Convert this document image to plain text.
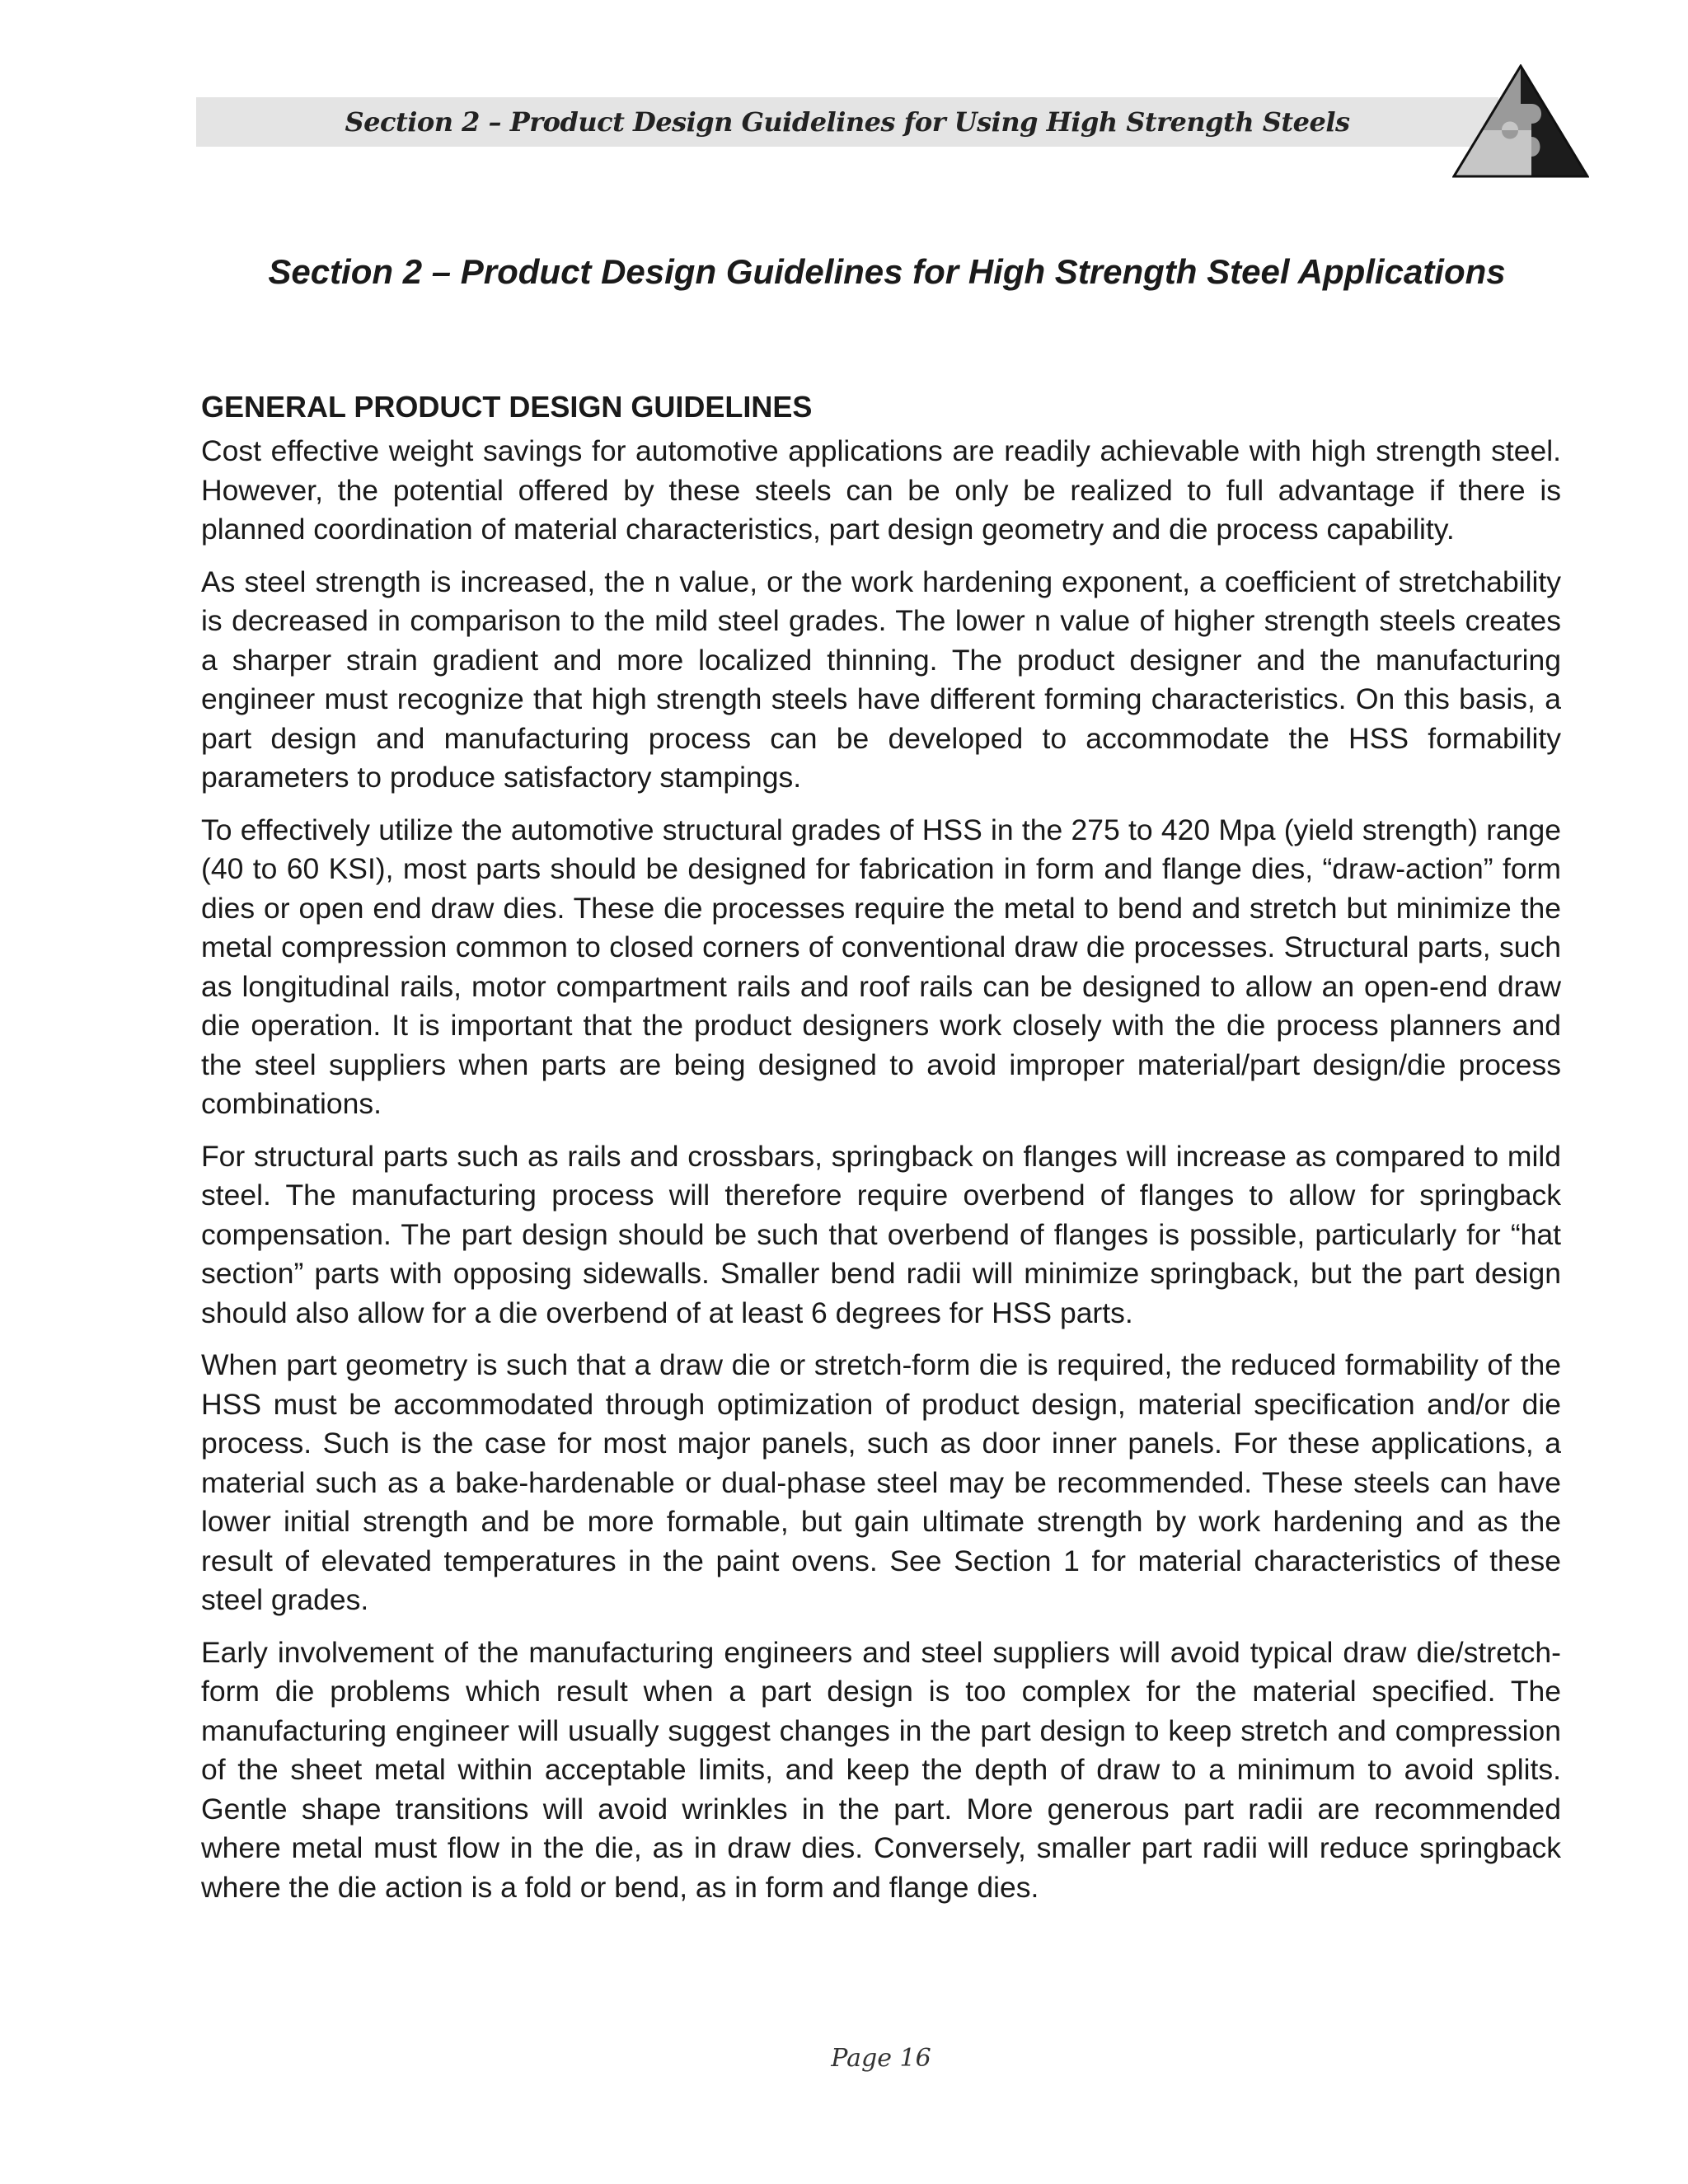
Section 2 – Product Design Guidelines for Using High Strength Steels
Section 2 – Product Design Guidelines for High Strength Steel Applications
GENERAL PRODUCT DESIGN GUIDELINES

Cost effective weight savings for automotive applications are readily achievable with high strength steel. However, the potential offered by these steels can be only be realized to full advantage if there is planned coordination of material characteristics, part design geometry and die process capability.

As steel strength is increased, the n value, or the work hardening exponent, a coefficient of stretchability is decreased in comparison to the mild steel grades. The lower n value of higher strength steels creates a sharper strain gradient and more localized thinning. The product designer and the manufacturing engineer must recognize that high strength steels have different forming characteristics. On this basis, a part design and manufacturing process can be developed to accommodate the HSS formability parameters to produce satisfactory stampings.

To effectively utilize the automotive structural grades of HSS in the 275 to 420 Mpa (yield strength) range (40 to 60 KSI), most parts should be designed for fabrication in form and flange dies, “draw-action” form dies or open end draw dies. These die processes require the metal to bend and stretch but minimize the metal compression common to closed corners of conventional draw die processes. Structural parts, such as longitudinal rails, motor compartment rails and roof rails can be designed to allow an open-end draw die operation. It is important that the product designers work closely with the die process planners and the steel suppliers when parts are being designed to avoid improper material/part design/die process combinations.

For structural parts such as rails and crossbars, springback on flanges will increase as compared to mild steel. The manufacturing process will therefore require overbend of flanges to allow for springback compensation. The part design should be such that overbend of flanges is possible, particularly for “hat section” parts with opposing sidewalls. Smaller bend radii will minimize springback, but the part design should also allow for a die overbend of at least 6 degrees for HSS parts.

When part geometry is such that a draw die or stretch-form die is required, the reduced formability of the HSS must be accommodated through optimization of product design, material specification and/or die process. Such is the case for most major panels, such as door inner panels. For these applications, a material such as a bake-hardenable or dual-phase steel may be recommended. These steels can have lower initial strength and be more formable, but gain ultimate strength by work hardening and as the result of elevated temperatures in the paint ovens. See Section 1 for material characteristics of these steel grades.

Early involvement of the manufacturing engineers and steel suppliers will avoid typical draw die/stretch-form die problems which result when a part design is too complex for the material specified. The manufacturing engineer will usually suggest changes in the part design to keep stretch and compression of the sheet metal within acceptable limits, and keep the depth of draw to a minimum to avoid splits. Gentle shape transitions will avoid wrinkles in the part. More generous part radii are recommended where metal must flow in the die, as in draw dies. Conversely, smaller part radii will reduce springback where the die action is a fold or bend, as in form and flange dies.

Page 16
